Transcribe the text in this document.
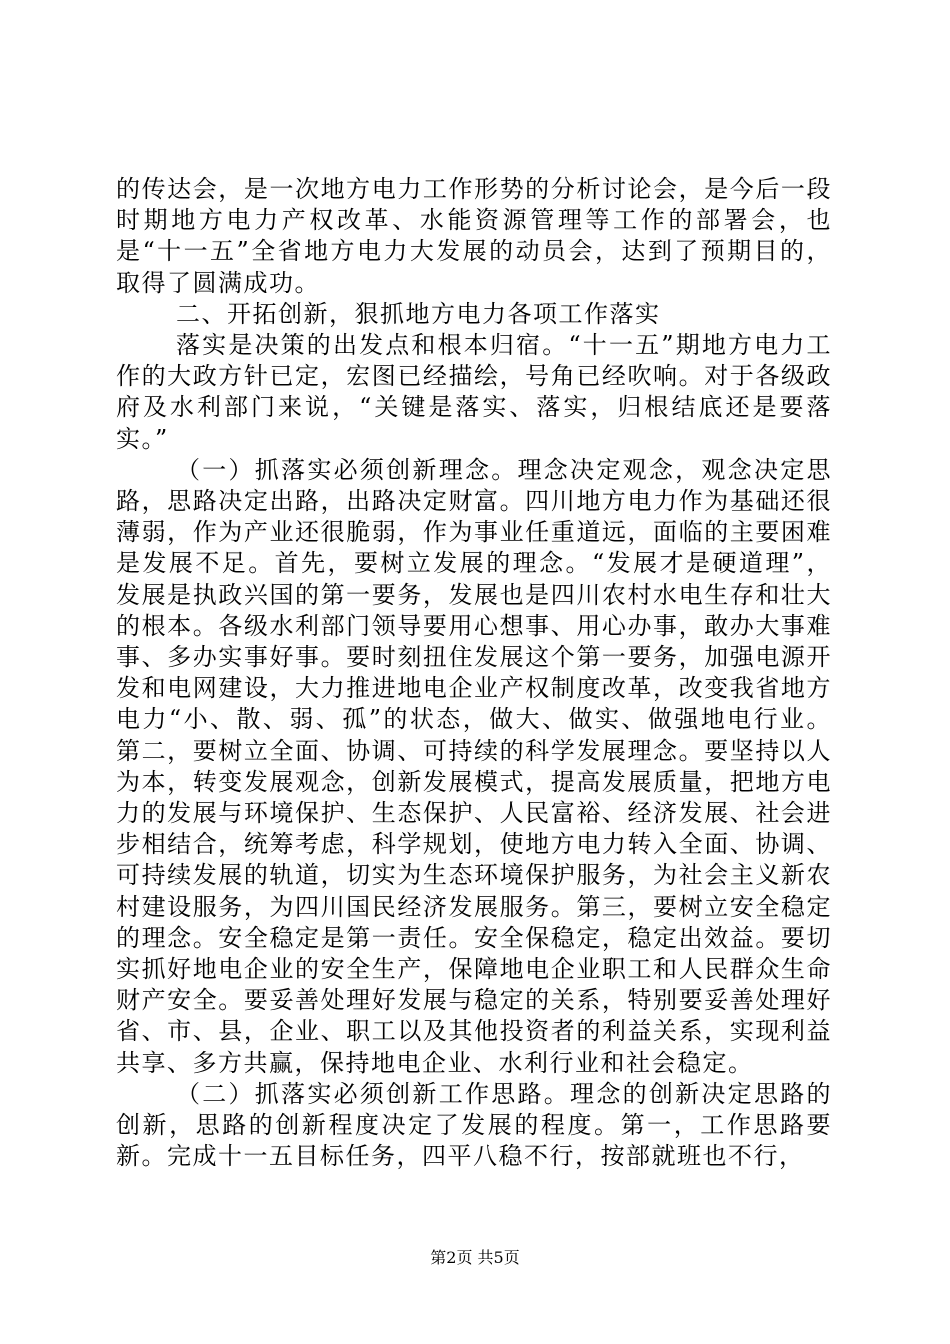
的传达会，是一次地方电力工作形势的分析讨论会，是今后一段时期地方电力产权改革、水能资源管理等工作的部署会，也是“十一五”全省地方电力大发展的动员会，达到了预期目的，取得了圆满成功。

二、开拓创新，狠抓地方电力各项工作落实

落实是决策的出发点和根本归宿。“十一五”期地方电力工作的大政方针已定，宏图已经描绘，号角已经吹响。对于各级政府及水利部门来说，“关键是落实、落实，归根结底还是要落实。”

（一）抓落实必须创新理念。理念决定观念，观念决定思路，思路决定出路，出路决定财富。四川地方电力作为基础还很薄弱，作为产业还很脆弱，作为事业任重道远，面临的主要困难是发展不足。首先，要树立发展的理念。“发展才是硬道理”，发展是执政兴国的第一要务，发展也是四川农村水电生存和壮大的根本。各级水利部门领导要用心想事、用心办事，敢办大事难事、多办实事好事。要时刻扭住发展这个第一要务，加强电源开发和电网建设，大力推进地电企业产权制度改革，改变我省地方电力“小、散、弱、孤”的状态，做大、做实、做强地电行业。第二，要树立全面、协调、可持续的科学发展理念。要坚持以人为本，转变发展观念，创新发展模式，提高发展质量，把地方电力的发展与环境保护、生态保护、人民富裕、经济发展、社会进步相结合，统筹考虑，科学规划，使地方电力转入全面、协调、可持续发展的轨道，切实为生态环境保护服务，为社会主义新农村建设服务，为四川国民经济发展服务。第三，要树立安全稳定的理念。安全稳定是第一责任。安全保稳定，稳定出效益。要切实抓好地电企业的安全生产，保障地电企业职工和人民群众生命财产安全。要妥善处理好发展与稳定的关系，特别要妥善处理好省、市、县，企业、职工以及其他投资者的利益关系，实现利益共享、多方共赢，保持地电企业、水利行业和社会稳定。

（二）抓落实必须创新工作思路。理念的创新决定思路的创新，思路的创新程度决定了发展的程度。第一，工作思路要新。完成十一五目标任务，四平八稳不行，按部就班也不行，

第2页 共5页
